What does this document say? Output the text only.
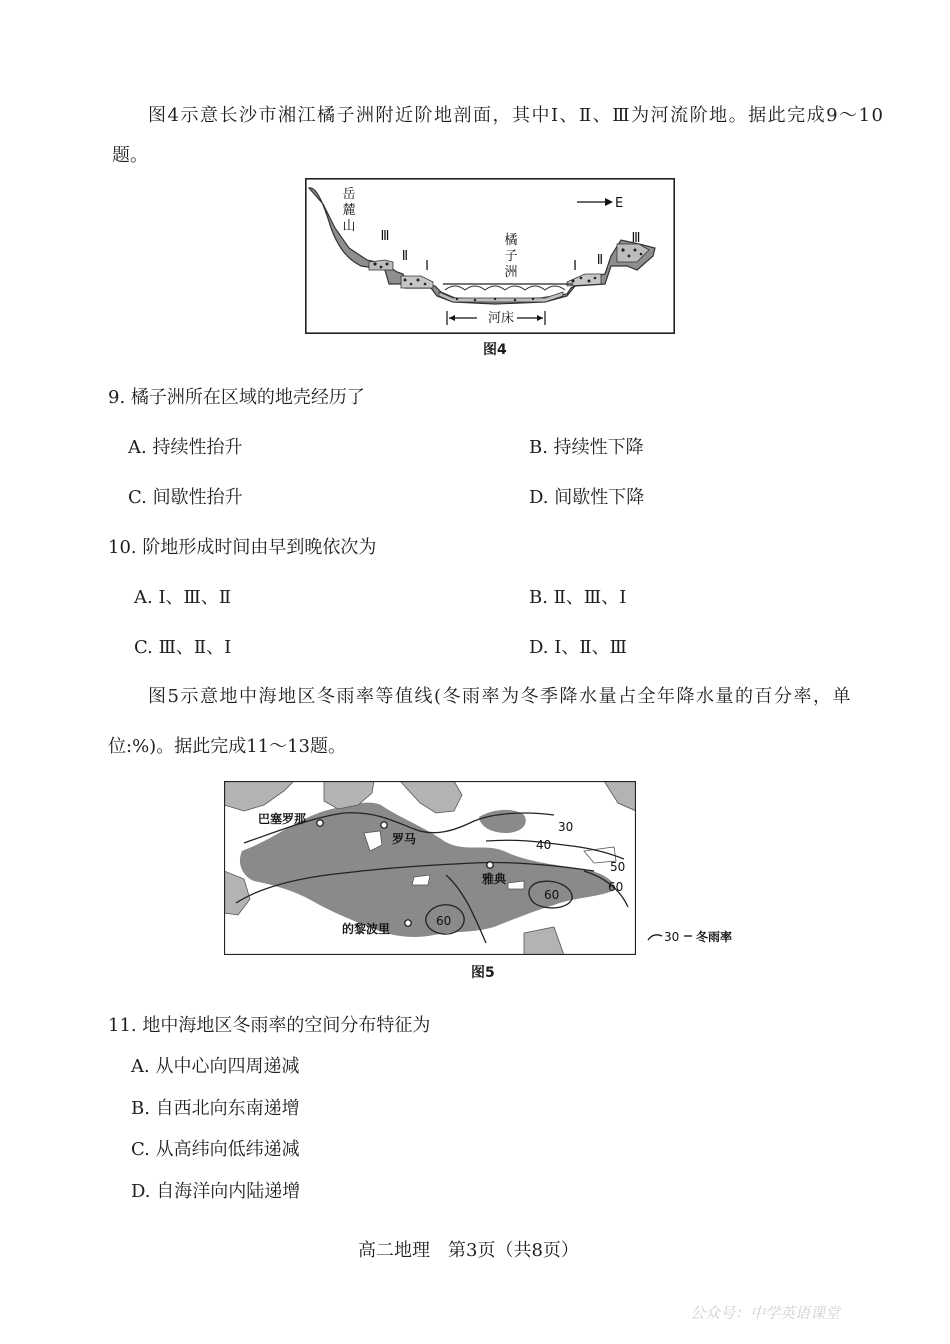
图4示意长沙市湘江橘子洲附近阶地剖面，其中Ⅰ、Ⅱ、Ⅲ为河流阶地。据此完成9～10
题。
岳
麓
山
橘
子
洲
Ⅲ
Ⅱ
Ⅰ	Ⅰ Ⅱ
Ⅲ
河床
E
图4
9. 橘子洲所在区域的地壳经历了
A. 持续性抬升	B. 持续性下降
C. 间歇性抬升	D. 间歇性下降
10. 阶地形成时间由早到晚依次为
A. Ⅰ、Ⅲ、Ⅱ	B. Ⅱ、Ⅲ、Ⅰ
C. Ⅲ、Ⅱ、Ⅰ	D. Ⅰ、Ⅱ、Ⅲ
图5示意地中海地区冬雨率等值线(冬雨率为冬季降水量占全年降水量的百分率，单
位:%)。据此完成11～13题。
30
40
50
60
60
60
巴塞罗那
罗马
雅典
的黎波里
30 冬雨率
图5
11. 地中海地区冬雨率的空间分布特征为
A. 从中心向四周递减
B. 自西北向东南递增
C. 从高纬向低纬递减
D. 自海洋向内陆递增
高二地理　第3页（共8页）
公众号：中学英语课堂
